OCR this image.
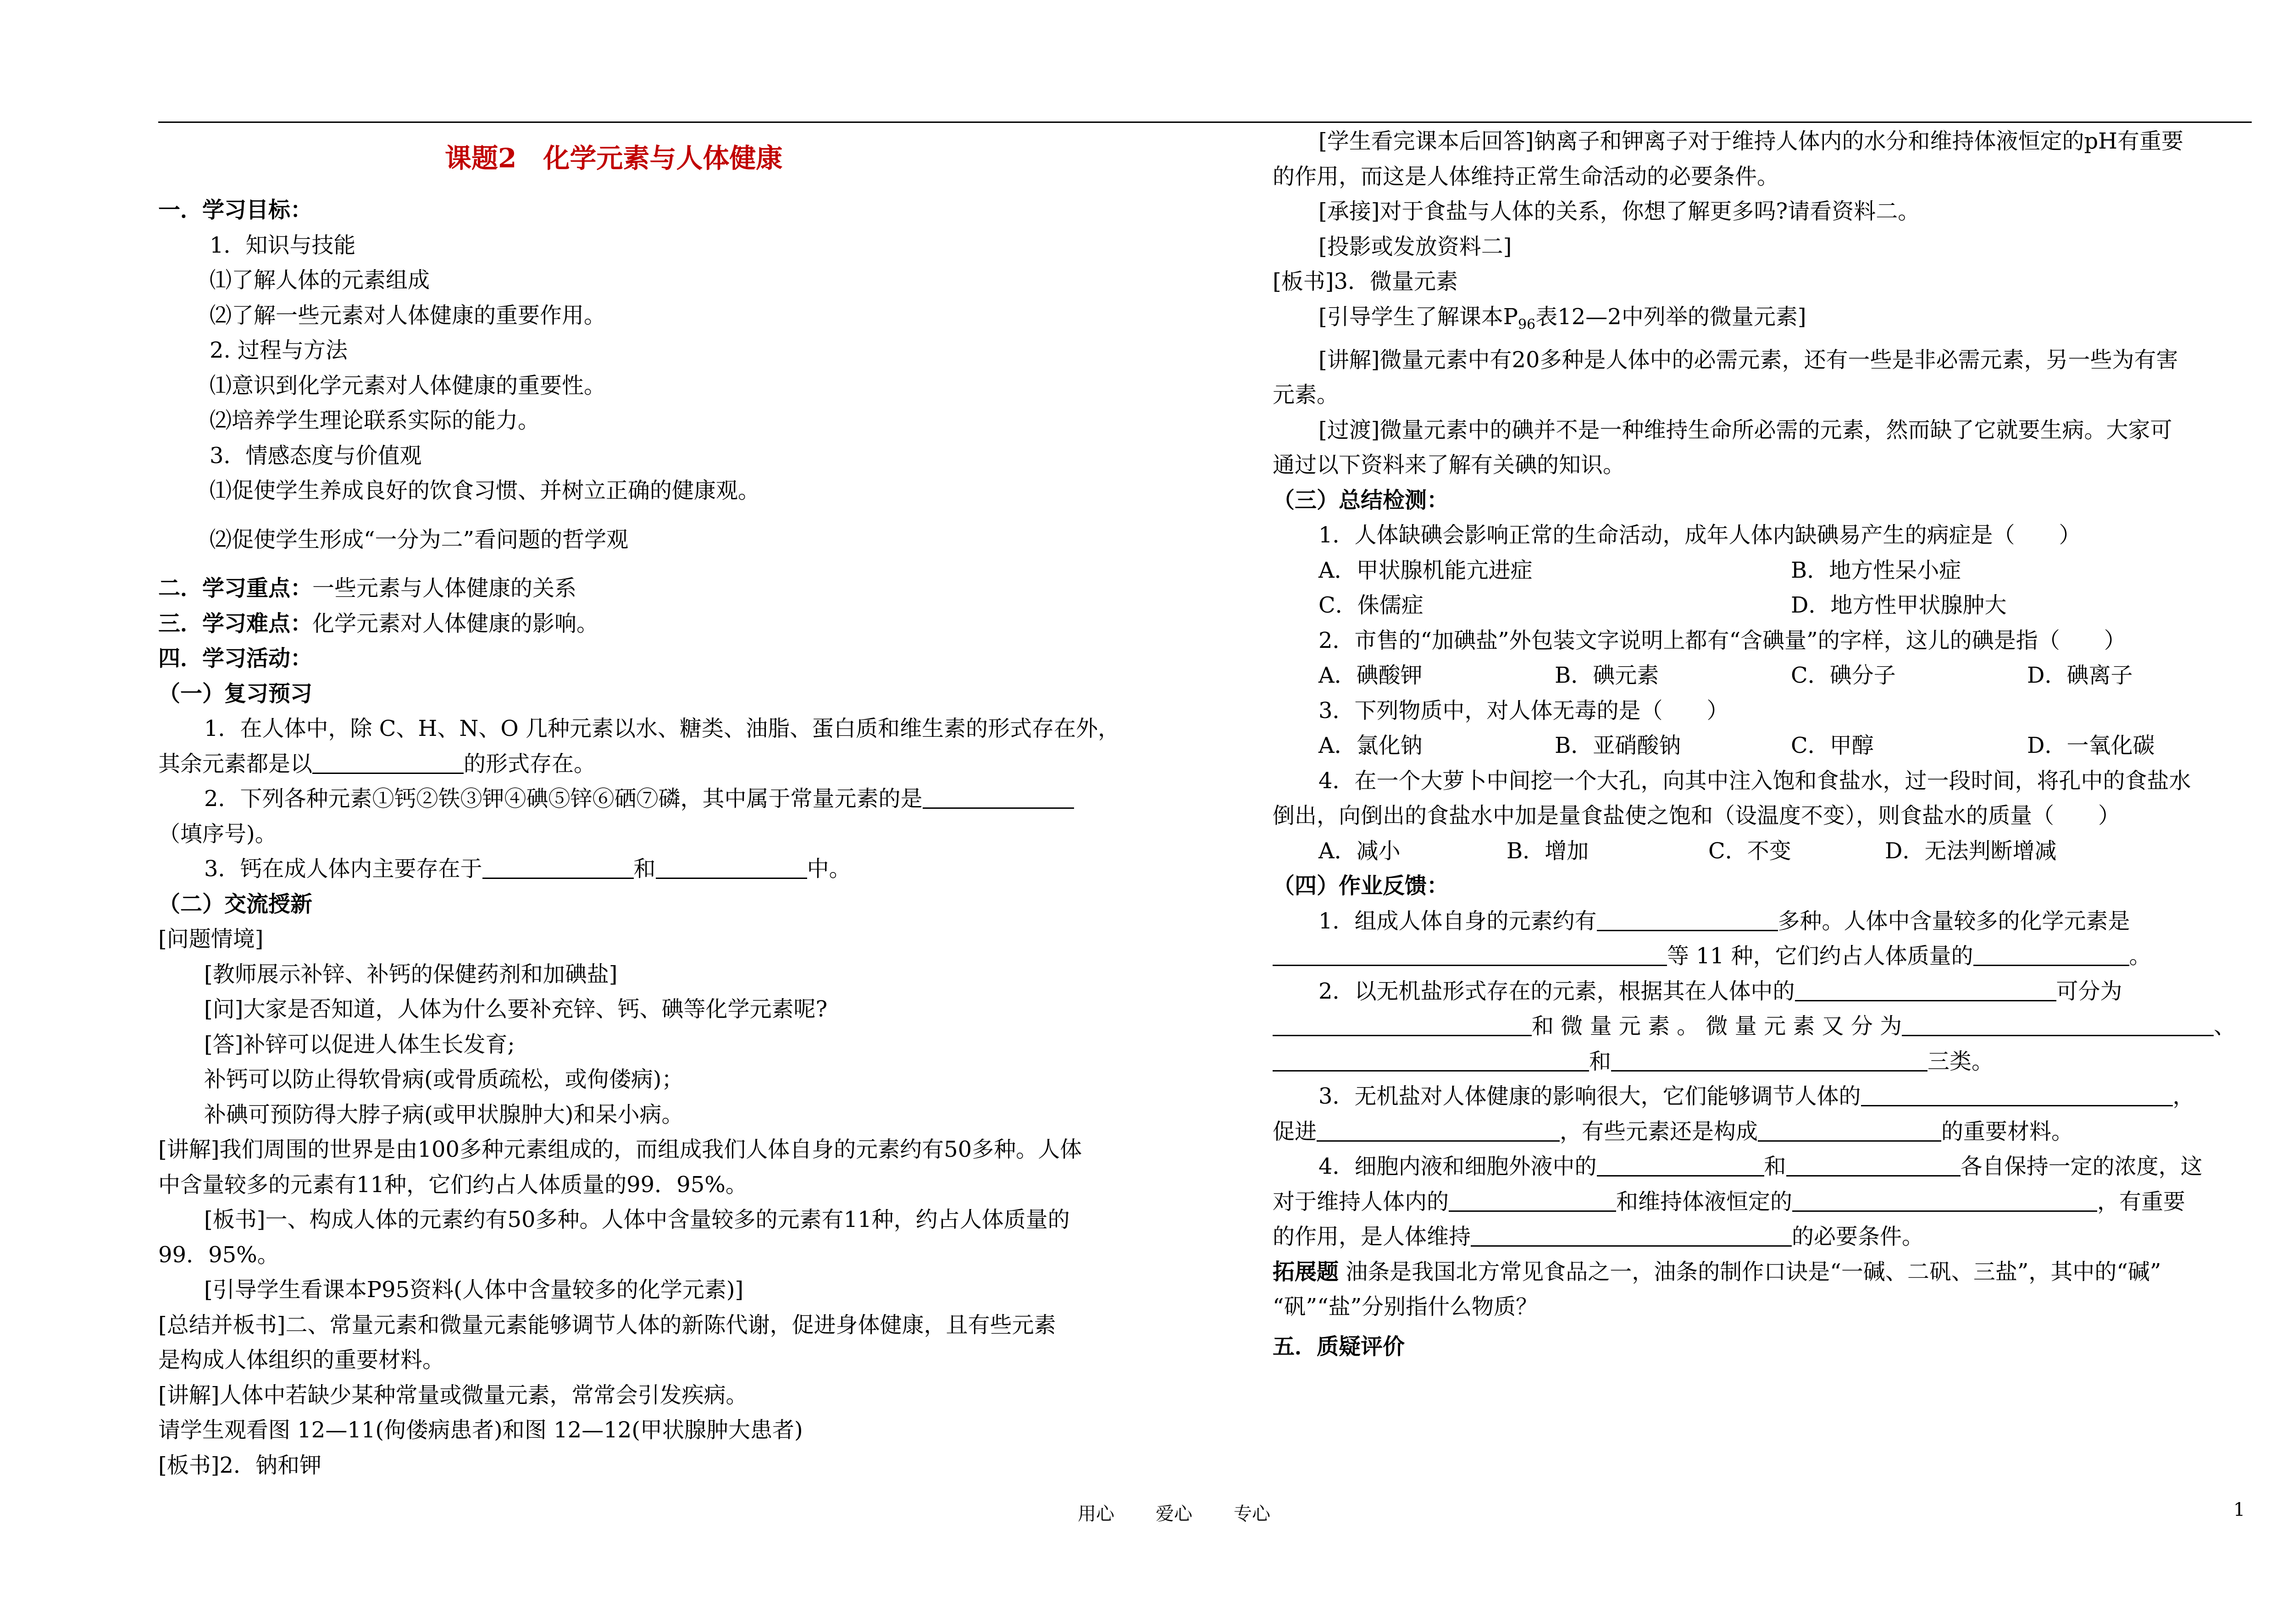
课题2　化学元素与人体健康
一．学习目标：
1．知识与技能
⑴了解人体的元素组成
⑵了解一些元素对人体健康的重要作用。
2. 过程与方法
⑴意识到化学元素对人体健康的重要性。
⑵培养学生理论联系实际的能力。
3．情感态度与价值观
⑴促使学生养成良好的饮食习惯、并树立正确的健康观。
⑵促使学生形成“一分为二”看问题的哲学观
二．学习重点：一些元素与人体健康的关系
三．学习难点：化学元素对人体健康的影响。
四．学习活动：
（一）复习预习
1．在人体中，除 C、H、N、O 几种元素以水、糖类、油脂、蛋白质和维生素的形式存在外，
其余元素都是以	的形式存在。
2．下列各种元素①钙②铁③钾④碘⑤锌⑥硒⑦磷，其中属于常量元素的是
（填序号)。
3．钙在成人体内主要存在于	和	中。
（二）交流授新
[问题情境]
[教师展示补锌、补钙的保健药剂和加碘盐]
[问]大家是否知道，人体为什么要补充锌、钙、碘等化学元素呢?
[答]补锌可以促进人体生长发育;
补钙可以防止得软骨病(或骨质疏松，或佝偻病)；
补碘可预防得大脖子病(或甲状腺肿大)和呆小病。
[讲解]我们周围的世界是由100多种元素组成的，而组成我们人体自身的元素约有50多种。人体
中含量较多的元素有11种，它们约占人体质量的99．95%。
[板书]一、构成人体的元素约有50多种。人体中含量较多的元素有11种，约占人体质量的
99．95%。
[引导学生看课本P95资料(人体中含量较多的化学元素)]
[总结并板书]二、常量元素和微量元素能够调节人体的新陈代谢，促进身体健康，且有些元素
是构成人体组织的重要材料。
[讲解]人体中若缺少某种常量或微量元素，常常会引发疾病。
请学生观看图 12—11(佝偻病患者)和图 12—12(甲状腺肿大患者)
[板书]2．钠和钾
[学生看完课本后回答]钠离子和钾离子对于维持人体内的水分和维持体液恒定的pH有重要
的作用，而这是人体维持正常生命活动的必要条件。
[承接]对于食盐与人体的关系，你想了解更多吗?请看资料二。
[投影或发放资料二]
[板书]3．微量元素
[引导学生了解课本$P_{96}$表12—2中列举的微量元素]
[讲解]微量元素中有20多种是人体中的必需元素，还有一些是非必需元素，另一些为有害
元素。
[过渡]微量元素中的碘并不是一种维持生命所必需的元素，然而缺了它就要生病。大家可
通过以下资料来了解有关碘的知识。
（三）总结检测：
1．人体缺碘会影响正常的生命活动，成年人体内缺碘易产生的病症是（　　）
A．甲状腺机能亢进症	B．地方性呆小症
C．侏儒症	D．地方性甲状腺肿大
2．市售的“加碘盐”外包装文字说明上都有“含碘量”的字样，这儿的碘是指（　　）
A．碘酸钾	B．碘元素	C．碘分子	D．碘离子
3．下列物质中，对人体无毒的是（　　）
A．氯化钠	B．亚硝酸钠	C．甲醇	D．一氧化碳
4．在一个大萝卜中间挖一个大孔，向其中注入饱和食盐水，过一段时间，将孔中的食盐水
倒出，向倒出的食盐水中加是量食盐使之饱和（设温度不变），则食盐水的质量（　　）
A．减小	B．增加	C．不变	D．无法判断增减
（四）作业反馈：
1．组成人体自身的元素约有	多种。人体中含量较多的化学元素是
等 11 种，它们约占人体质量的	。
2．以无机盐形式存在的元素，根据其在人体中的	可分为
和 微 量 元 素 。 微 量 元 素 又 分 为	、
和	三类。
3．无机盐对人体健康的影响很大，它们能够调节人体的	，
促进	，有些元素还是构成	的重要材料。
4．细胞内液和细胞外液中的	和	各自保持一定的浓度，这
对于维持人体内的	和维持体液恒定的	，有重要
的作用，是人体维持	的必要条件。
拓展题 油条是我国北方常见食品之一，油条的制作口诀是“一碱、二矾、三盐”，其中的“碱”
“矾”“盐”分别指什么物质？
五．质疑评价
用心 爱心 专心	1
